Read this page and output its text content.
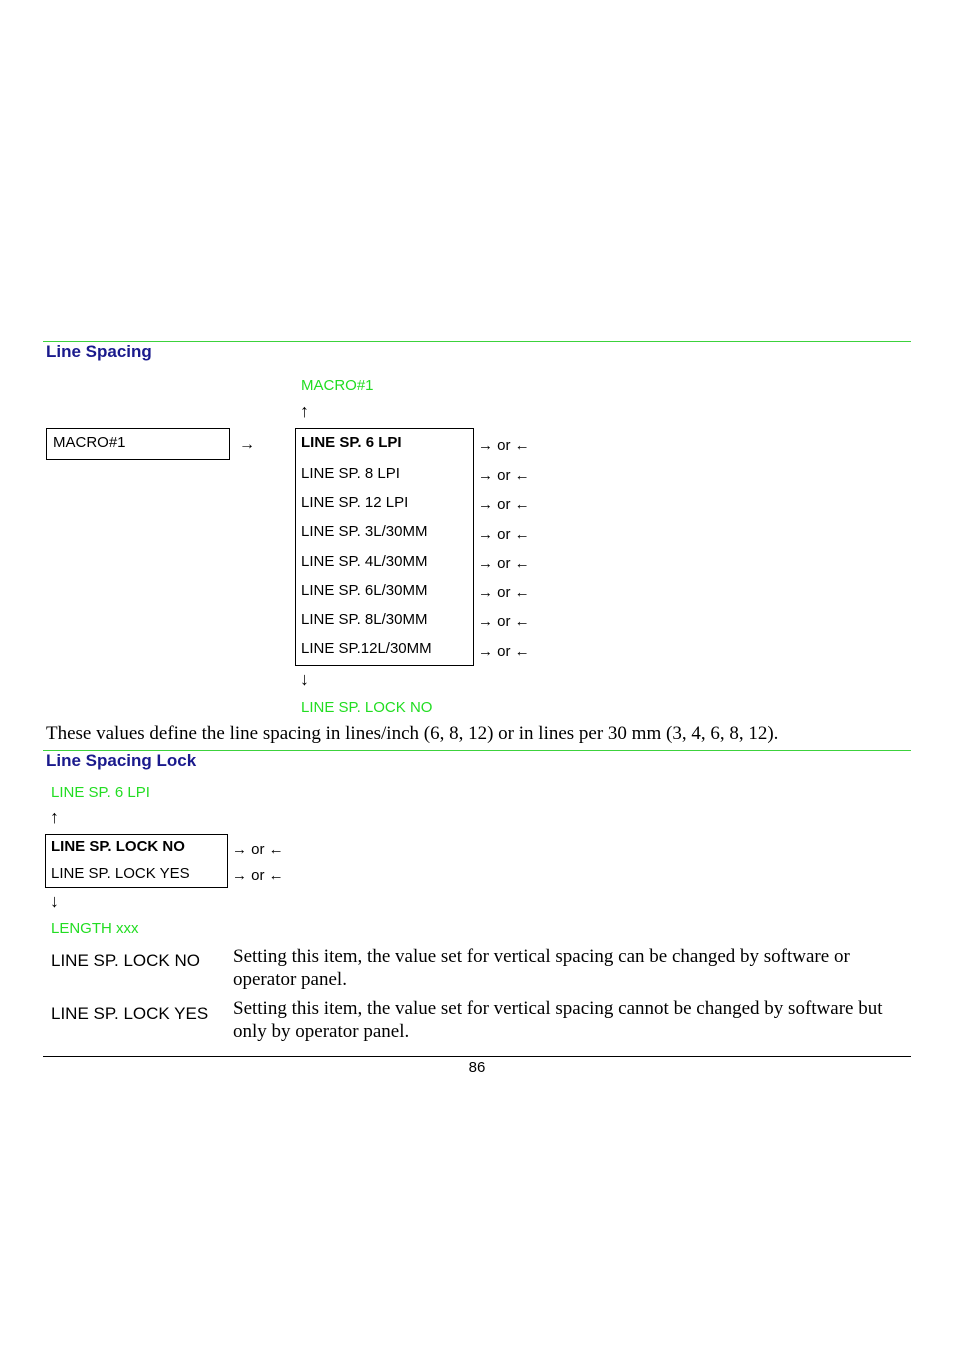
Line Spacing
MACRO#1
↑
MACRO#1	→	LINE SP. 6 LPI
LINE SP. 8 LPI
LINE SP. 12 LPI
LINE SP. 3L/30MM
LINE SP. 4L/30MM
LINE SP. 6L/30MM
LINE SP. 8L/30MM
LINE SP.12L/30MM
→ or ←
→ or ←
→ or ←
→ or ←
→ or ←
→ or ←
→ or ←
→ or ←
↓
LINE SP. LOCK NO
These values define the line spacing in lines/inch (6, 8, 12) or in lines per 30 mm (3, 4, 6, 8, 12).
Line Spacing Lock
LINE SP. 6 LPI
↑
LINE SP. LOCK NO
LINE SP. LOCK YES
→ or ←
→ or ←
↓
LENGTH xxx
LINE SP. LOCK NO Setting this item, the value set for vertical spacing can be changed by software or operator panel.
LINE SP. LOCK YES Setting this item, the value set for vertical spacing cannot be changed by software but only by operator panel.
86
